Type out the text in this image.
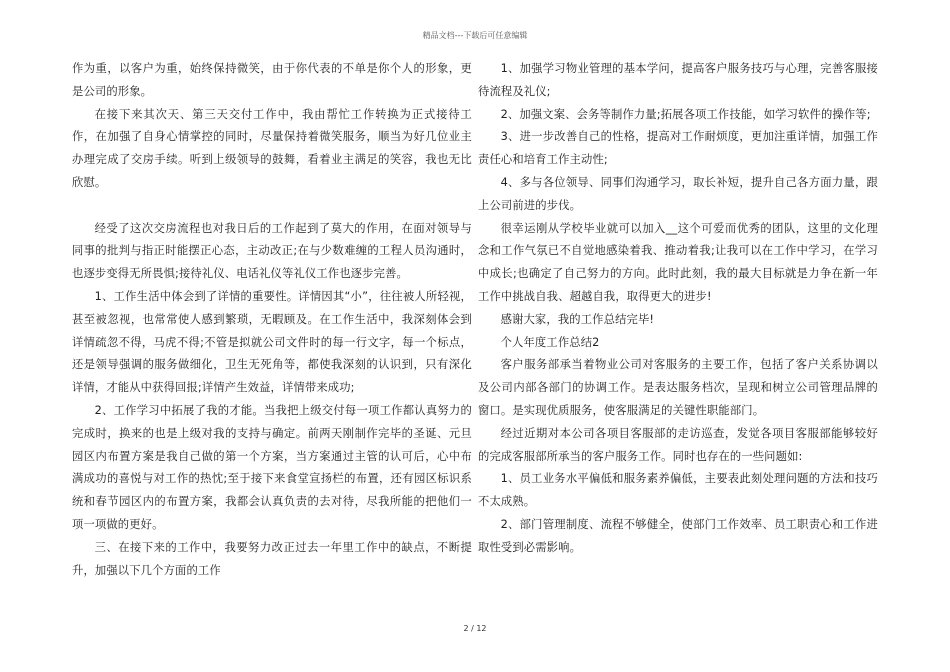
精品文档---下载后可任意编辑

作为重，以客户为重，始终保持微笑，由于你代表的不单是你个人的形象，更是公司的形象。

在接下来其次天、第三天交付工作中，我由帮忙工作转换为正式接待工作，在加强了自身心情掌控的同时，尽量保持着微笑服务，顺当为好几位业主办理完成了交房手续。听到上级领导的鼓舞，看着业主满足的笑容，我也无比欣慰。

经受了这次交房流程也对我日后的工作起到了莫大的作用，在面对领导与同事的批判与指正时能摆正心态，主动改正;在与少数难缠的工程人员沟通时，也逐步变得无所畏惧;接待礼仪、电话礼仪等礼仪工作也逐步完善。

1、工作生活中体会到了详情的重要性。详情因其“小”，往往被人所轻视，甚至被忽视，也常常使人感到繁琐，无暇顾及。在工作生活中，我深刻体会到详情疏忽不得，马虎不得;不管是拟就公司文件时的每一行文字，每一个标点，还是领导强调的服务做细化，卫生无死角等，都使我深刻的认识到，只有深化详情，才能从中获得回报;详情产生效益，详情带来成功;

2、工作学习中拓展了我的才能。当我把上级交付每一项工作都认真努力的完成时，换来的也是上级对我的支持与确定。前两天刚制作完毕的圣诞、元旦园区内布置方案是我自己做的第一个方案，当方案通过主管的认可后，心中布满成功的喜悦与对工作的热忱;至于接下来食堂宣扬栏的布置，还有园区标识系统和春节园区内的布置方案，我都会认真负责的去对待，尽我所能的把他们一项一项做的更好。

三、在接下来的工作中，我要努力改正过去一年里工作中的缺点，不断提升，加强以下几个方面的工作

1、加强学习物业管理的基本学问，提高客户服务技巧与心理，完善客服接待流程及礼仪;

2、加强文案、会务等制作力量;拓展各项工作技能，如学习软件的操作等;

3、进一步改善自己的性格，提高对工作耐烦度，更加注重详情，加强工作责任心和培育工作主动性;

4、多与各位领导、同事们沟通学习，取长补短，提升自己各方面力量，跟上公司前进的步伐。

很幸运刚从学校毕业就可以加入__这个可爱而优秀的团队，这里的文化理念和工作气氛已不自觉地感染着我、推动着我;让我可以在工作中学习，在学习中成长;也确定了自己努力的方向。此时此刻，我的最大目标就是力争在新一年工作中挑战自我、超越自我，取得更大的进步!

感谢大家，我的工作总结完毕!

个人年度工作总结2

客户服务部承当着物业公司对客服务的主要工作，包括了客户关系协调以及公司内部各部门的协调工作。是表达服务档次，呈现和树立公司管理品牌的窗口。是实现优质服务，使客服满足的关键性职能部门。

经过近期对本公司各项目客服部的走访巡查，发觉各项目客服部能够较好的完成客服部所承当的客户服务工作。同时也存在的一些问题如:

1、员工业务水平偏低和服务素养偏低，主要表此刻处理问题的方法和技巧不太成熟。

2、部门管理制度、流程不够健全，使部门工作效率、员工职责心和工作进取性受到必需影响。

2 / 12
